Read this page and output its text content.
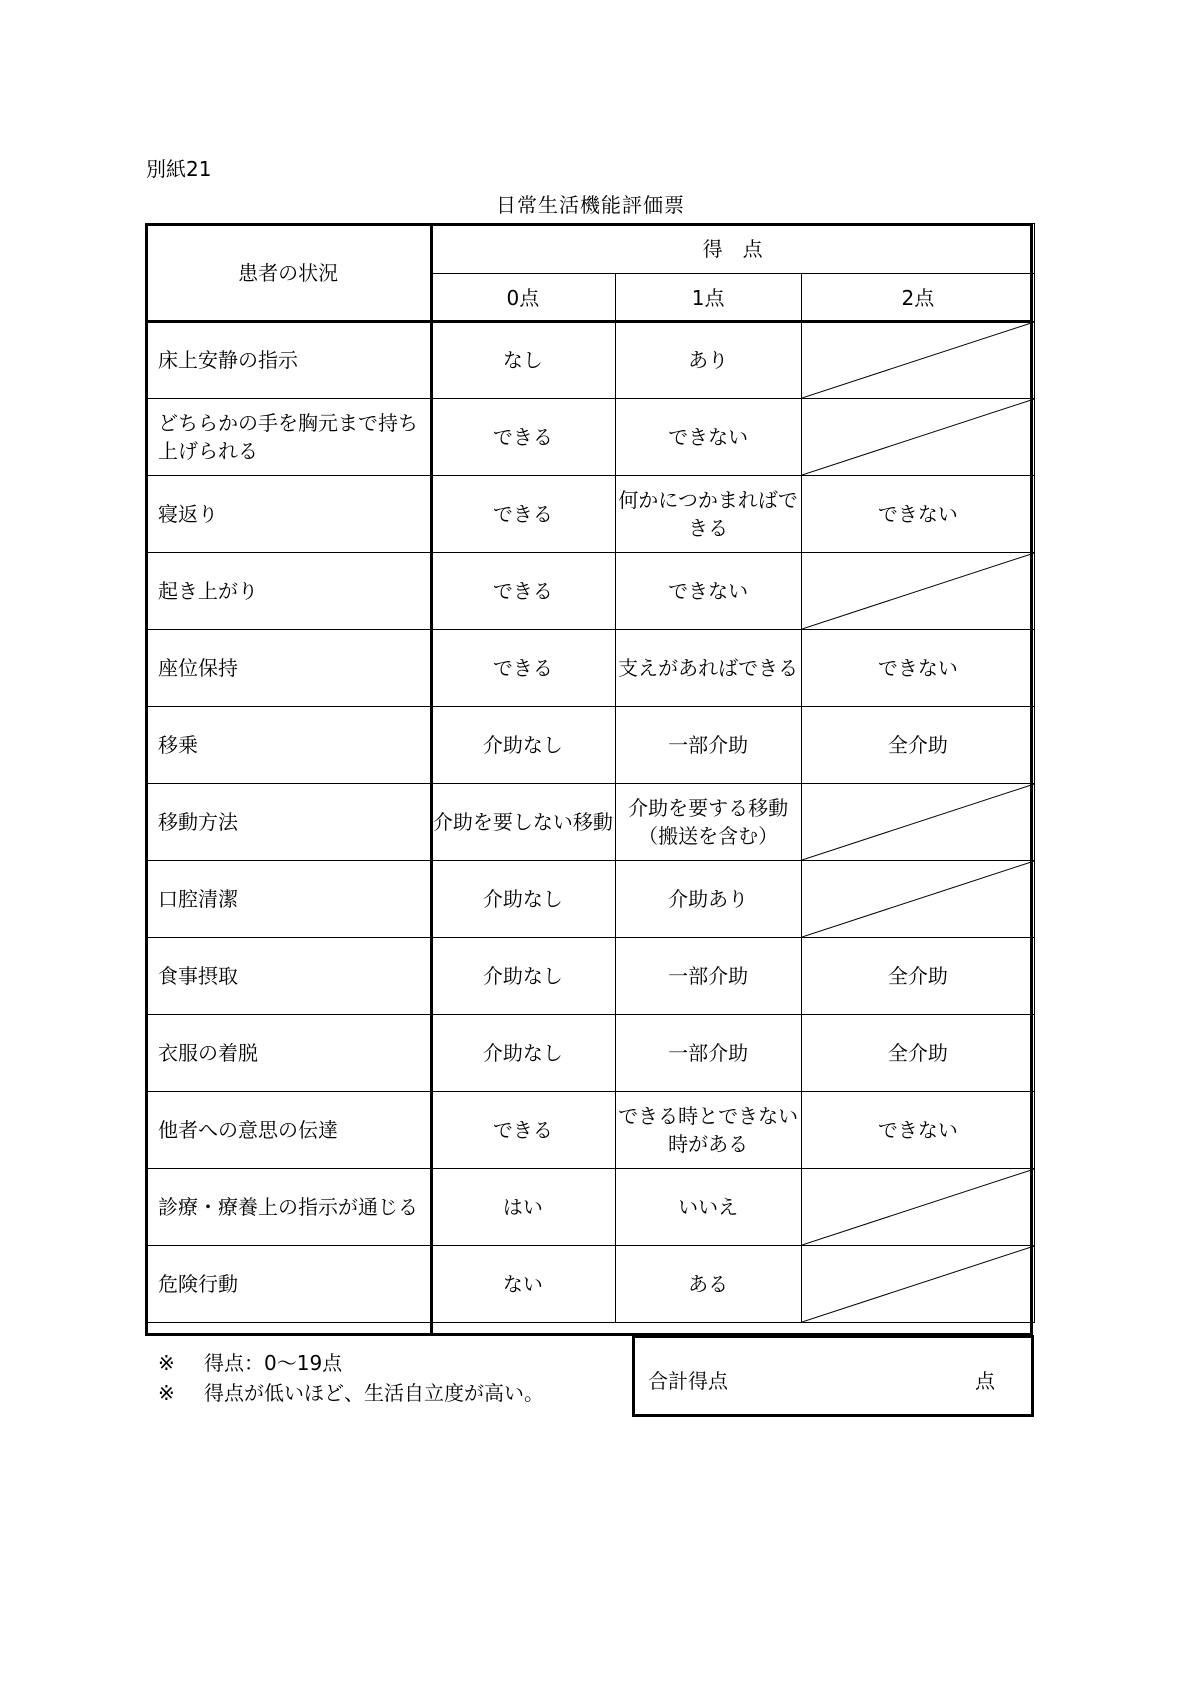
別紙21
日常生活機能評価票
患者の状況	得　点		
	0点	1点	2点
床上安静の指示	なし	あり	

どちらかの手を胸元まで持ち上げられる	できる	できない	

寝返り	できる	何かにつかまればできる	できない
起き上がり	できる	できない	

座位保持	できる	支えがあればできる	できない
移乗	介助なし	一部介助	全介助
移動方法	介助を要しない移動	介助を要する移動（搬送を含む）	

口腔清潔	介助なし	介助あり	

食事摂取	介助なし	一部介助	全介助
衣服の着脱	介助なし	一部介助	全介助
他者への意思の伝達	できる	できる時とできない時がある	できない
診療・療養上の指示が通じる	はい	いいえ	

危険行動	ない	ある	
※ 得点：0～19点
※ 得点が低いほど、生活自立度が高い。	合計得点	点
